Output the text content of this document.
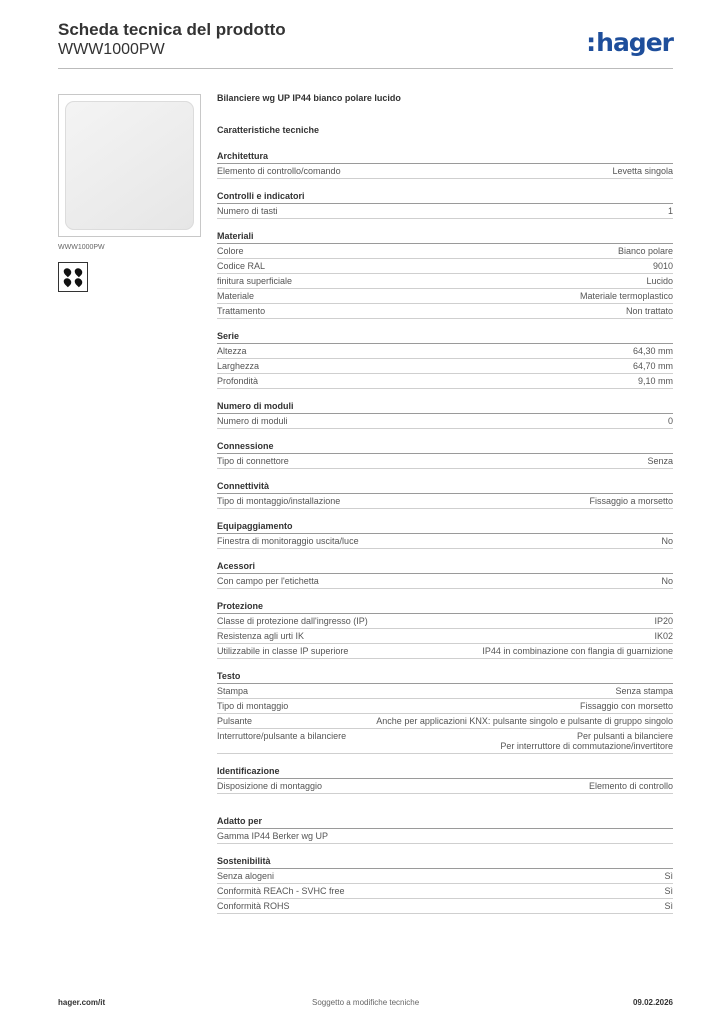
Scheda tecnica del prodotto
WWW1000PW	:hager
WWW1000PW
Bilanciere wg UP IP44 bianco polare lucido
Caratteristiche tecniche
Architettura
Elemento di controllo/comando	Levetta singola
Controlli e indicatori
Numero di tasti	1
Materiali
Colore	Bianco polare
Codice RAL	9010
finitura superficiale	Lucido
Materiale	Materiale termoplastico
Trattamento	Non trattato
Serie
Altezza	64,30 mm
Larghezza	64,70 mm
Profondità	9,10 mm
Numero di moduli
Numero di moduli	0
Connessione
Tipo di connettore	Senza
Connettività
Tipo di montaggio/installazione	Fissaggio a morsetto
Equipaggiamento
Finestra di monitoraggio uscita/luce	No
Acessori
Con campo per l'etichetta	No
Protezione
Classe di protezione dall'ingresso (IP)	IP20
Resistenza agli urti IK	IK02
Utilizzabile in classe IP superiore	IP44 in combinazione con flangia di guarnizione
Testo
Stampa	Senza stampa
Tipo di montaggio	Fissaggio con morsetto
Pulsante	Anche per applicazioni KNX: pulsante singolo e pulsante di gruppo singolo
Interruttore/pulsante a bilanciere	Per pulsanti a bilanciere
Per interruttore di commutazione/invertitore
Identificazione
Disposizione di montaggio	Elemento di controllo
Adatto per
Gamma IP44 Berker wg UP
Sostenibilità
Senza alogeni	Sì
Conformità REACh - SVHC free	Sì
Conformità ROHS	Sì
hager.com/it	Soggetto a modifiche tecniche	09.02.2026
